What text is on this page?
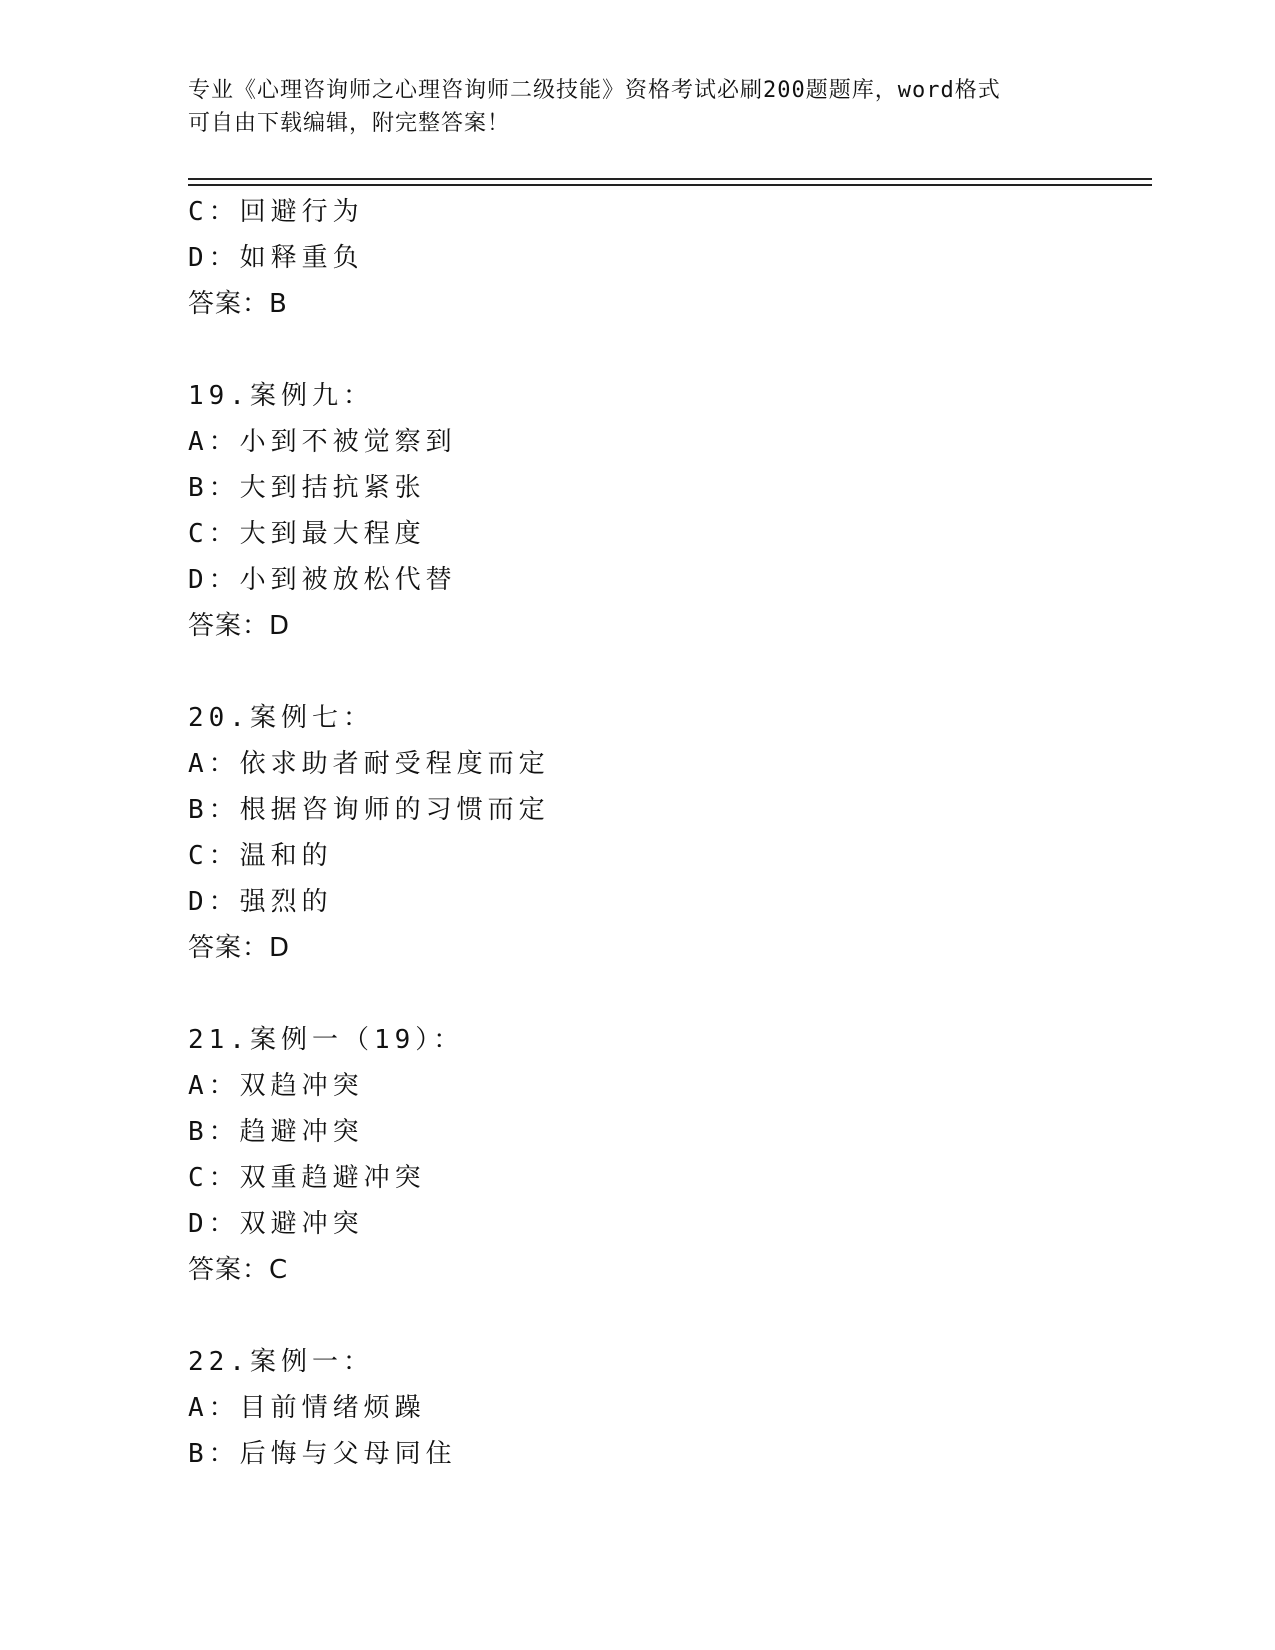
专业《心理咨询师之心理咨询师二级技能》资格考试必刷200题题库，word格式
可自由下载编辑，附完整答案！
C：回避行为
D：如释重负
答案：B
19.案例九：
A：小到不被觉察到
B：大到拮抗紧张
C：大到最大程度
D：小到被放松代替
答案：D
20.案例七：
A：依求助者耐受程度而定
B：根据咨询师的习惯而定
C：温和的
D：强烈的
答案：D
21.案例一（19）：
A：双趋冲突
B：趋避冲突
C：双重趋避冲突
D：双避冲突
答案：C
22.案例一：
A：目前情绪烦躁
B：后悔与父母同住
